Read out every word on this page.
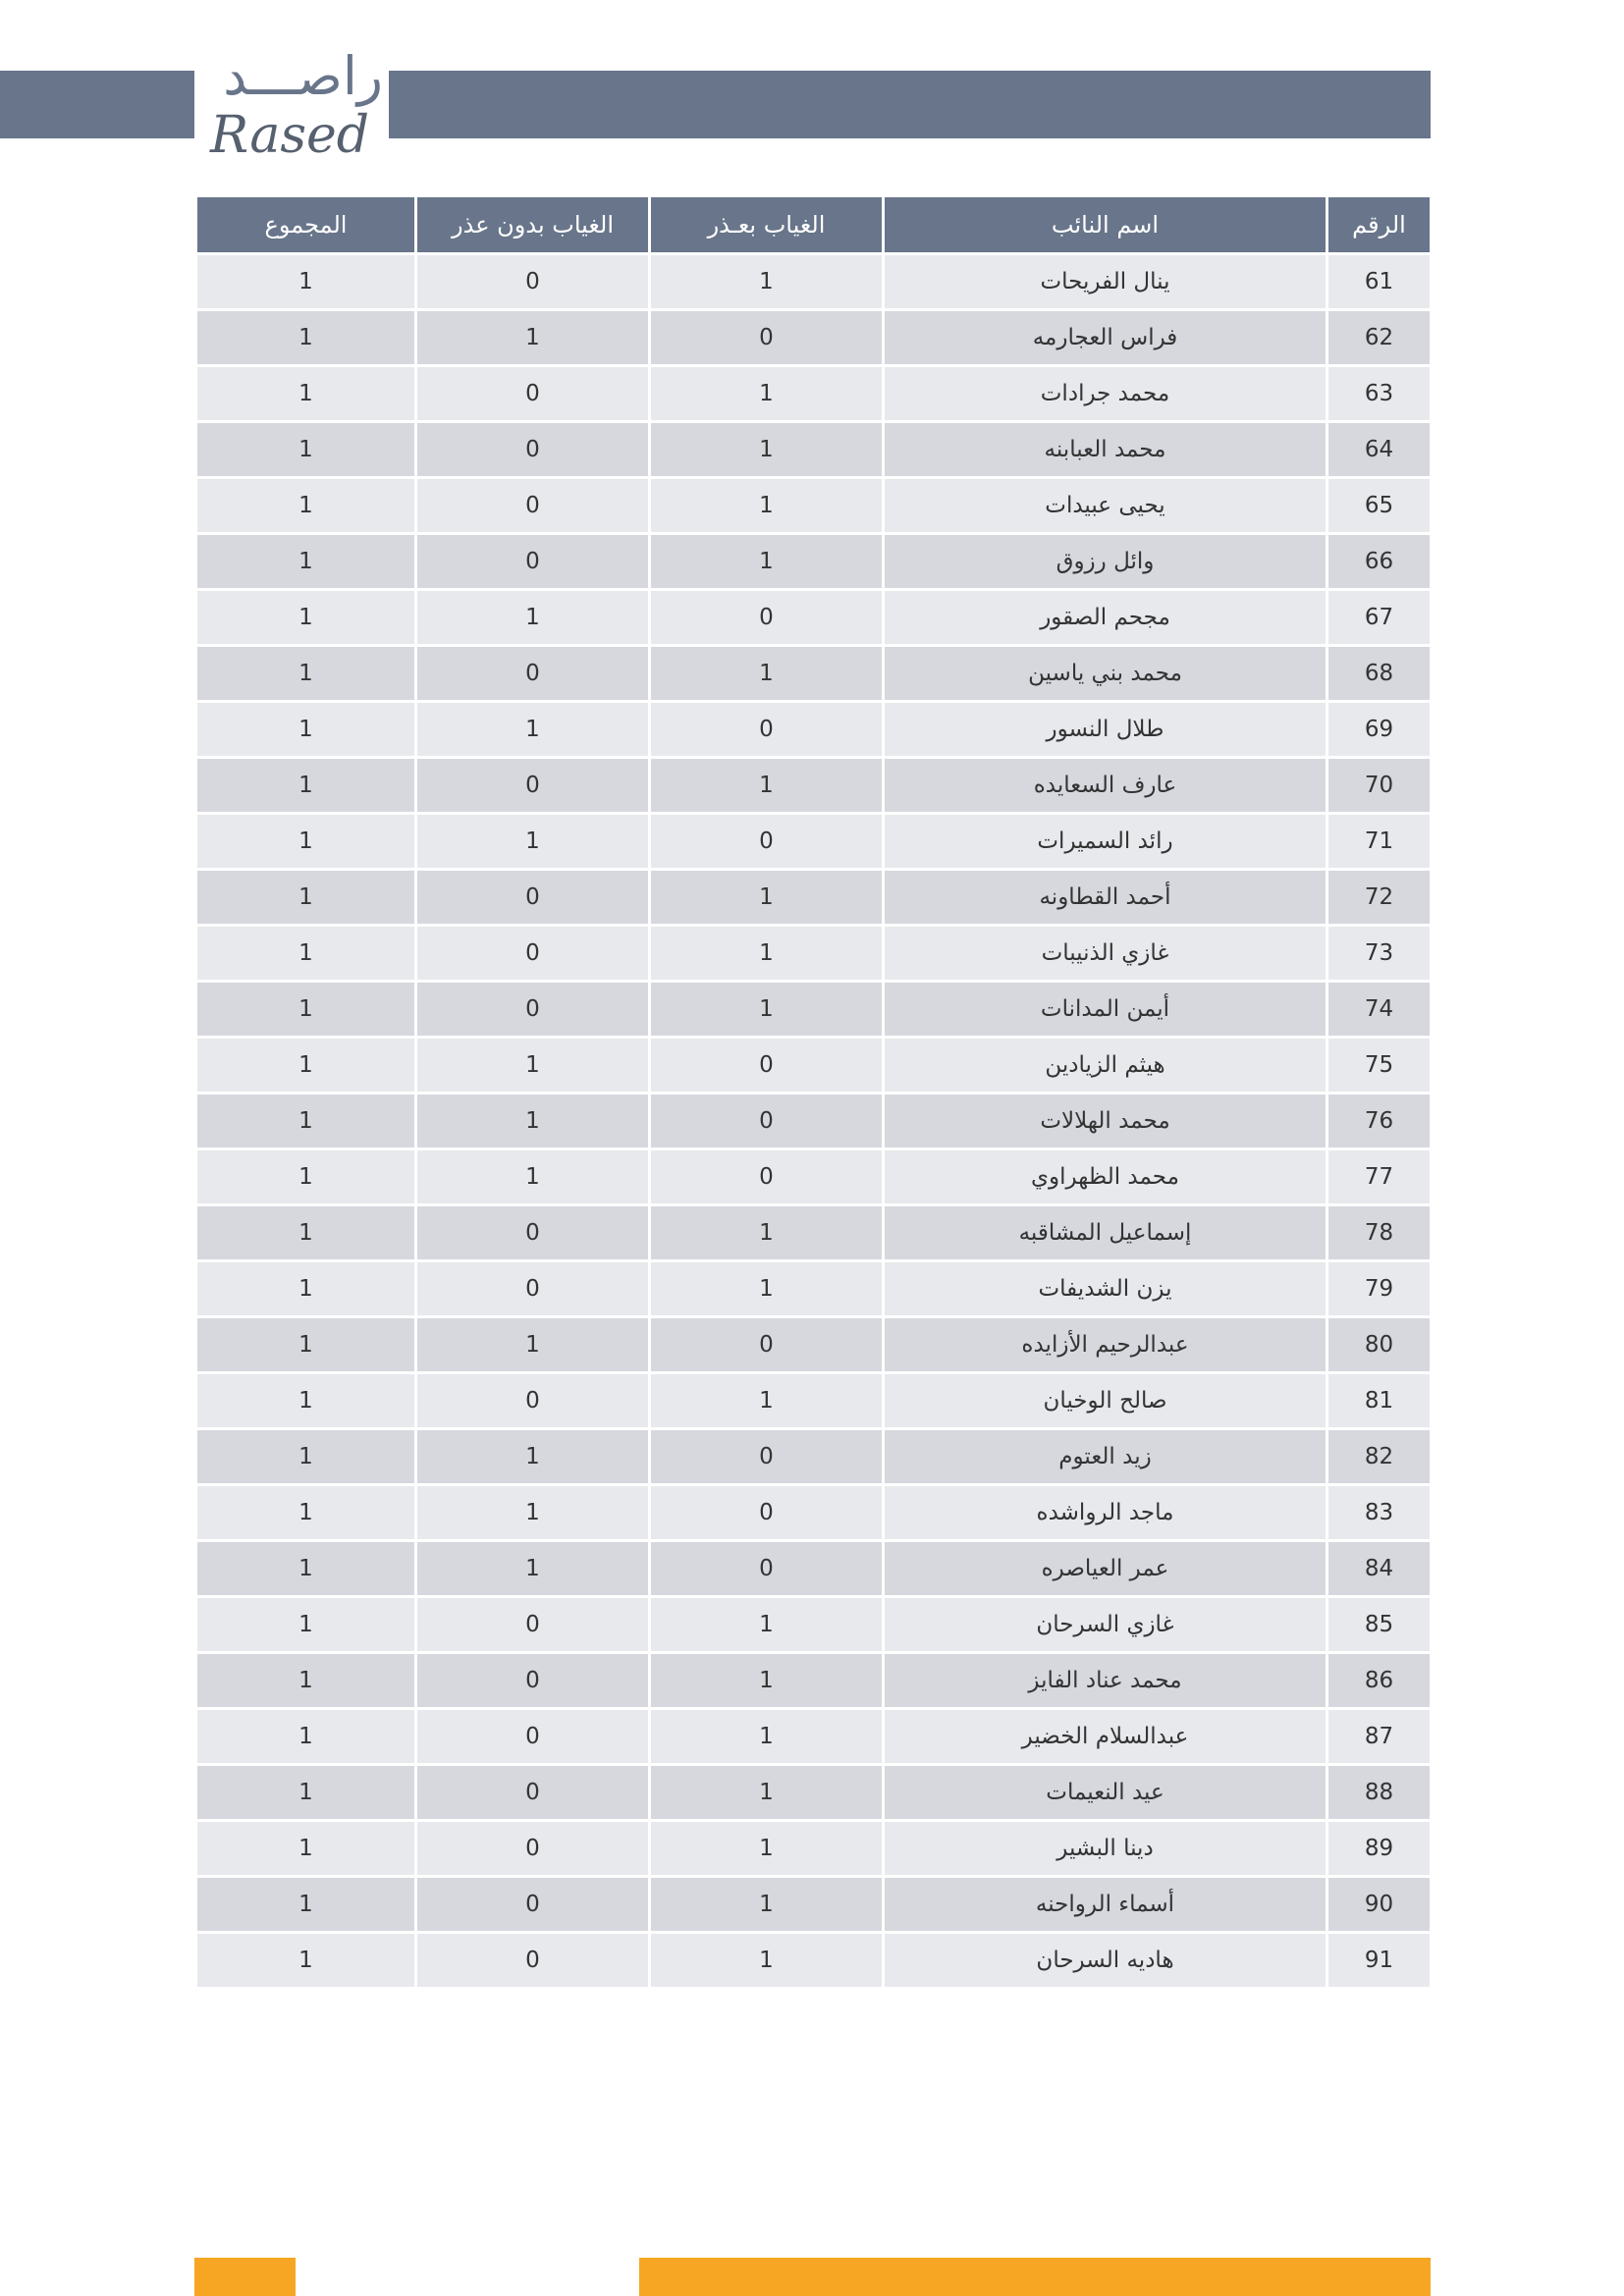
راصـــد
Rased
الرقم	اسم النائب	الغياب بعـذر	الغياب بدون عذر	المجموع
61	ينال الفريحات	1	0	1
62	فراس العجارمه	0	1	1
63	محمد جرادات	1	0	1
64	محمد العبابنه	1	0	1
65	يحيى عبيدات	1	0	1
66	وائل رزوق	1	0	1
67	مجحم الصقور	0	1	1
68	محمد بني ياسين	1	0	1
69	طلال النسور	0	1	1
70	عارف السعايده	1	0	1
71	رائد السميرات	0	1	1
72	أحمد القطاونه	1	0	1
73	غازي الذنيبات	1	0	1
74	أيمن المدانات	1	0	1
75	هيثم الزيادين	0	1	1
76	محمد الهلالات	0	1	1
77	محمد الظهراوي	0	1	1
78	إسماعيل المشاقبه	1	0	1
79	يزن الشديفات	1	0	1
80	عبدالرحيم الأزايده	0	1	1
81	صالح الوخيان	1	0	1
82	زيد العتوم	0	1	1
83	ماجد الرواشده	0	1	1
84	عمر العياصره	0	1	1
85	غازي السرحان	1	0	1
86	محمد عناد الفايز	1	0	1
87	عبدالسلام الخضير	1	0	1
88	عيد النعيمات	1	0	1
89	دينا البشير	1	0	1
90	أسماء الرواحنه	1	0	1
91	هاديه السرحان	1	0	1
